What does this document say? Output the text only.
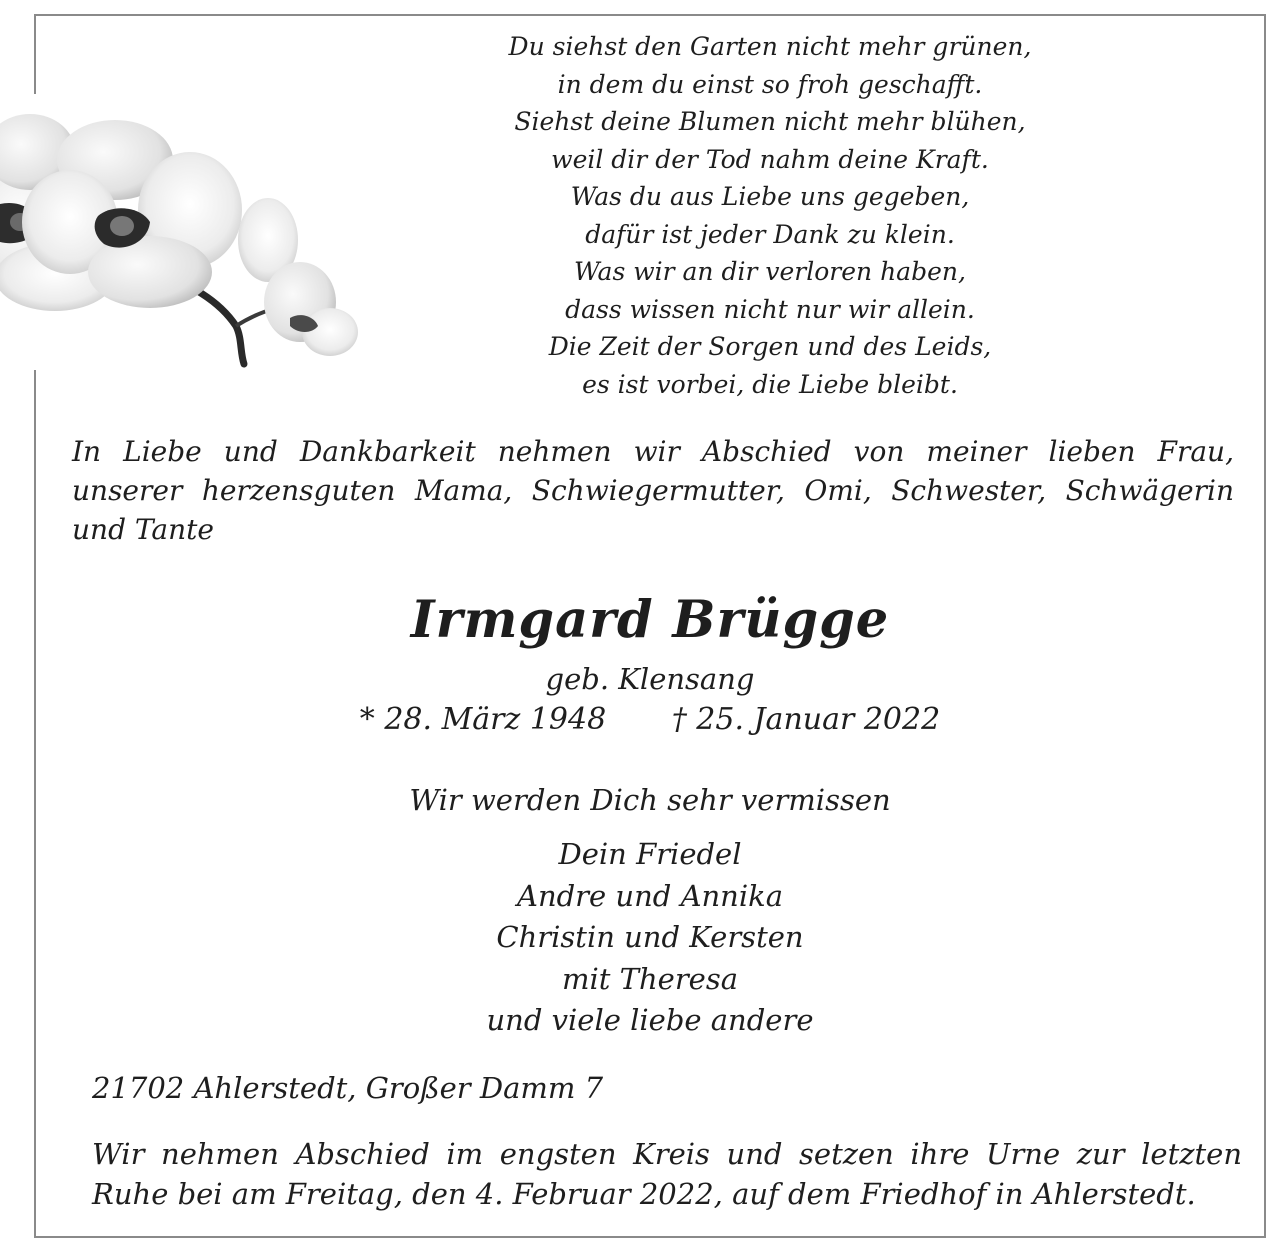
Du siehst den Garten nicht mehr grünen,
in dem du einst so froh geschafft.
Siehst deine Blumen nicht mehr blühen,
weil dir der Tod nahm deine Kraft.
Was du aus Liebe uns gegeben,
dafür ist jeder Dank zu klein.
Was wir an dir verloren haben,
dass wissen nicht nur wir allein.
Die Zeit der Sorgen und des Leids,
es ist vorbei, die Liebe bleibt.
In Liebe und Dankbarkeit nehmen wir Abschied von meiner lieben Frau,
unserer herzensguten Mama, Schwiegermutter, Omi, Schwester, Schwägerin
und Tante
Irmgard Brügge
geb. Klensang
* 28. März 1948 † 25. Januar 2022
Wir werden Dich sehr vermissen
Dein Friedel
Andre und Annika
Christin und Kersten
mit Theresa
und viele liebe andere
21702 Ahlerstedt, Großer Damm 7
Wir nehmen Abschied im engsten Kreis und setzen ihre Urne zur letzten
Ruhe bei am Freitag, den 4. Februar 2022, auf dem Friedhof in Ahlerstedt.
